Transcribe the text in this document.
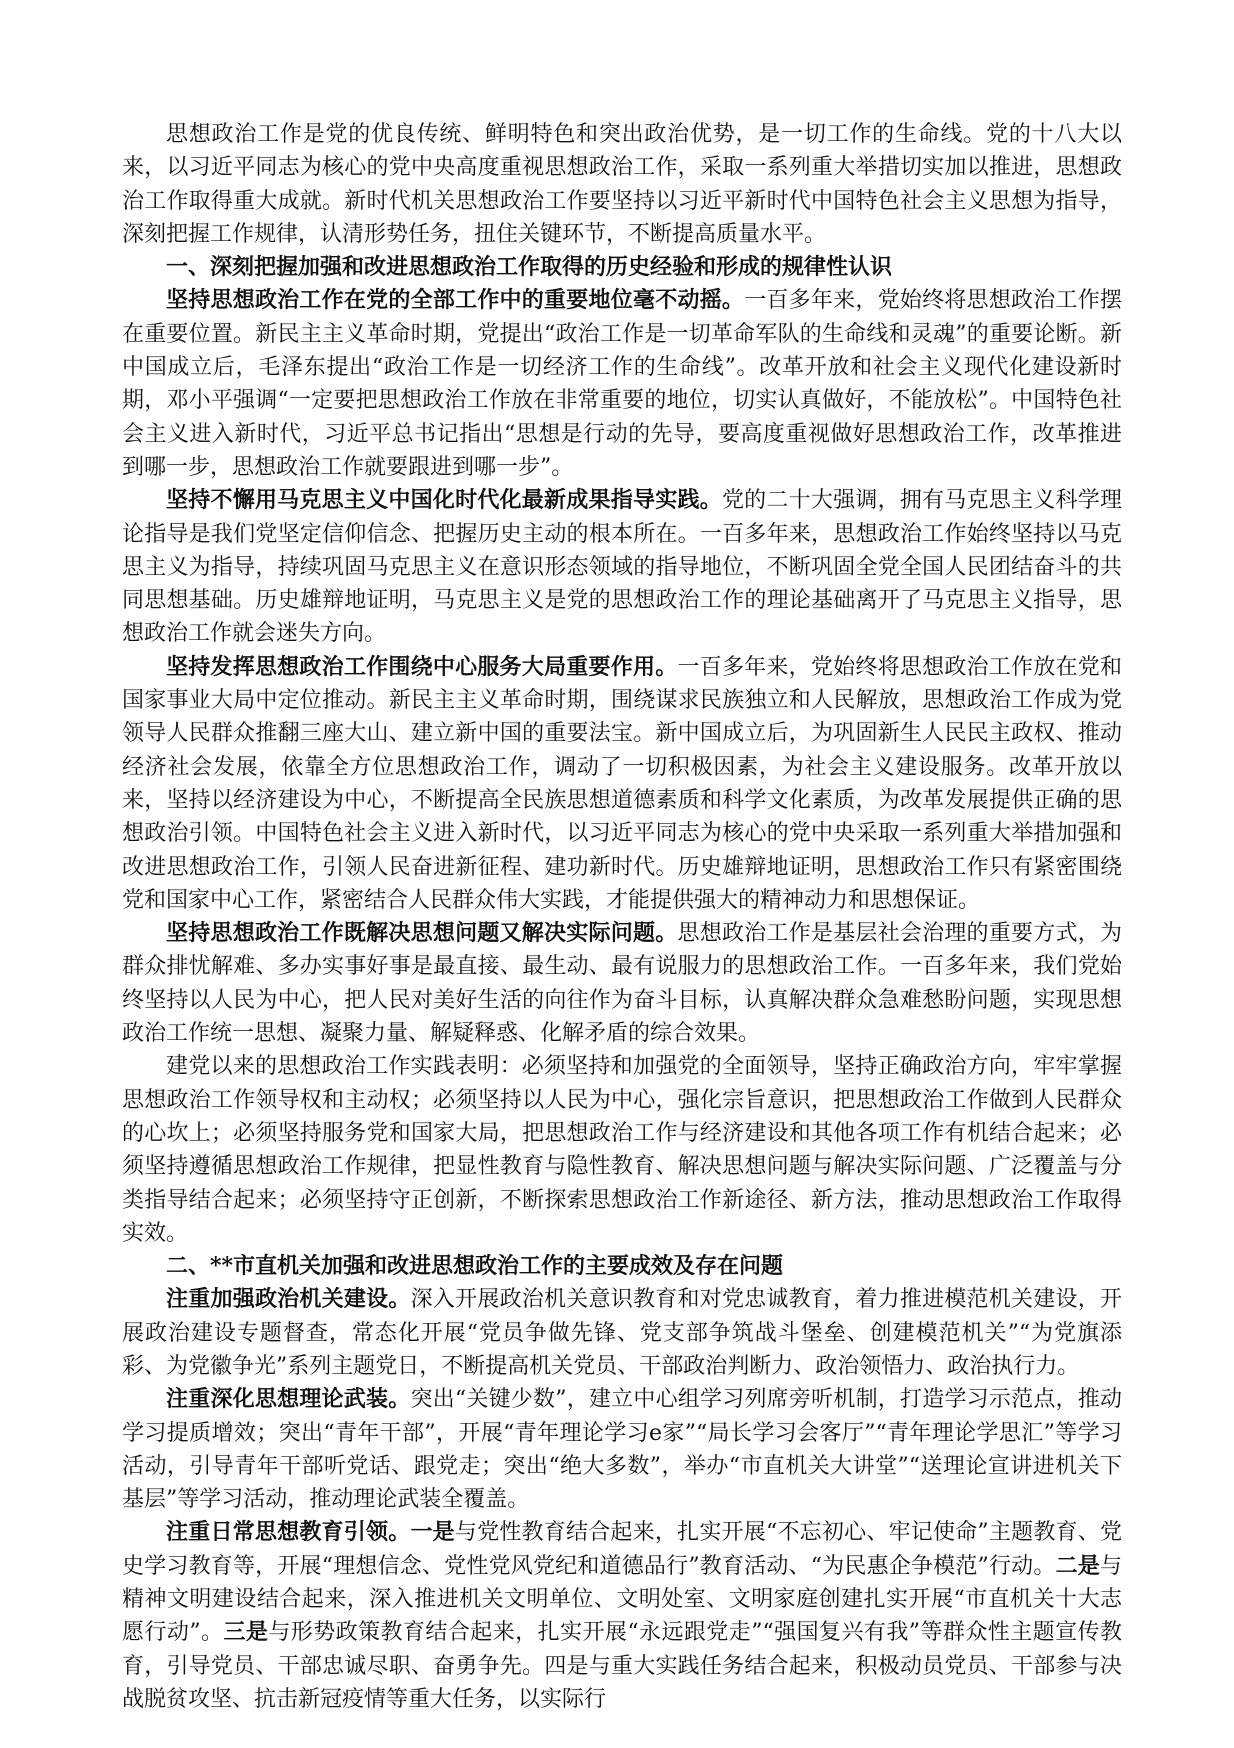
思想政治工作是党的优良传统、鲜明特色和突出政治优势，是一切工作的生命线。党的十八大以来，以习近平同志为核心的党中央高度重视思想政治工作，采取一系列重大举措切实加以推进，思想政治工作取得重大成就。新时代机关思想政治工作要坚持以习近平新时代中国特色社会主义思想为指导，深刻把握工作规律，认清形势任务，扭住关键环节，不断提高质量水平。

一、深刻把握加强和改进思想政治工作取得的历史经验和形成的规律性认识

坚持思想政治工作在党的全部工作中的重要地位毫不动摇。一百多年来，党始终将思想政治工作摆在重要位置。新民主主义革命时期，党提出“政治工作是一切革命军队的生命线和灵魂”的重要论断。新中国成立后，毛泽东提出“政治工作是一切经济工作的生命线”。改革开放和社会主义现代化建设新时期，邓小平强调“一定要把思想政治工作放在非常重要的地位，切实认真做好，不能放松”。中国特色社会主义进入新时代，习近平总书记指出“思想是行动的先导，要高度重视做好思想政治工作，改革推进到哪一步，思想政治工作就要跟进到哪一步”。

坚持不懈用马克思主义中国化时代化最新成果指导实践。党的二十大强调，拥有马克思主义科学理论指导是我们党坚定信仰信念、把握历史主动的根本所在。一百多年来，思想政治工作始终坚持以马克思主义为指导，持续巩固马克思主义在意识形态领域的指导地位，不断巩固全党全国人民团结奋斗的共同思想基础。历史雄辩地证明，马克思主义是党的思想政治工作的理论基础离开了马克思主义指导，思想政治工作就会迷失方向。

坚持发挥思想政治工作围绕中心服务大局重要作用。一百多年来，党始终将思想政治工作放在党和国家事业大局中定位推动。新民主主义革命时期，围绕谋求民族独立和人民解放，思想政治工作成为党领导人民群众推翻三座大山、建立新中国的重要法宝。新中国成立后，为巩固新生人民民主政权、推动经济社会发展，依靠全方位思想政治工作，调动了一切积极因素，为社会主义建设服务。改革开放以来，坚持以经济建设为中心，不断提高全民族思想道德素质和科学文化素质，为改革发展提供正确的思想政治引领。中国特色社会主义进入新时代，以习近平同志为核心的党中央采取一系列重大举措加强和改进思想政治工作，引领人民奋进新征程、建功新时代。历史雄辩地证明，思想政治工作只有紧密围绕党和国家中心工作，紧密结合人民群众伟大实践，才能提供强大的精神动力和思想保证。

坚持思想政治工作既解决思想问题又解决实际问题。思想政治工作是基层社会治理的重要方式，为群众排忧解难、多办实事好事是最直接、最生动、最有说服力的思想政治工作。一百多年来，我们党始终坚持以人民为中心，把人民对美好生活的向往作为奋斗目标，认真解决群众急难愁盼问题，实现思想政治工作统一思想、凝聚力量、解疑释惑、化解矛盾的综合效果。

建党以来的思想政治工作实践表明：必须坚持和加强党的全面领导，坚持正确政治方向，牢牢掌握思想政治工作领导权和主动权；必须坚持以人民为中心，强化宗旨意识，把思想政治工作做到人民群众的心坎上；必须坚持服务党和国家大局，把思想政治工作与经济建设和其他各项工作有机结合起来；必须坚持遵循思想政治工作规律，把显性教育与隐性教育、解决思想问题与解决实际问题、广泛覆盖与分类指导结合起来；必须坚持守正创新，不断探索思想政治工作新途径、新方法，推动思想政治工作取得实效。

二、**市直机关加强和改进思想政治工作的主要成效及存在问题

注重加强政治机关建设。深入开展政治机关意识教育和对党忠诚教育，着力推进模范机关建设，开展政治建设专题督查，常态化开展“党员争做先锋、党支部争筑战斗堡垒、创建模范机关”“为党旗添彩、为党徽争光”系列主题党日，不断提高机关党员、干部政治判断力、政治领悟力、政治执行力。

注重深化思想理论武装。突出“关键少数”，建立中心组学习列席旁听机制，打造学习示范点，推动学习提质增效；突出“青年干部”，开展“青年理论学习e家”“局长学习会客厅”“青年理论学思汇”等学习活动，引导青年干部听党话、跟党走；突出“绝大多数”，举办“市直机关大讲堂”“送理论宣讲进机关下基层”等学习活动，推动理论武装全覆盖。

注重日常思想教育引领。一是与党性教育结合起来，扎实开展“不忘初心、牢记使命”主题教育、党史学习教育等，开展“理想信念、党性党风党纪和道德品行”教育活动、“为民惠企争模范”行动。二是与精神文明建设结合起来，深入推进机关文明单位、文明处室、文明家庭创建扎实开展“市直机关十大志愿行动”。三是与形势政策教育结合起来，扎实开展“永远跟党走”“强国复兴有我”等群众性主题宣传教育，引导党员、干部忠诚尽职、奋勇争先。四是与重大实践任务结合起来，积极动员党员、干部参与决战脱贫攻坚、抗击新冠疫情等重大任务，以实际行
